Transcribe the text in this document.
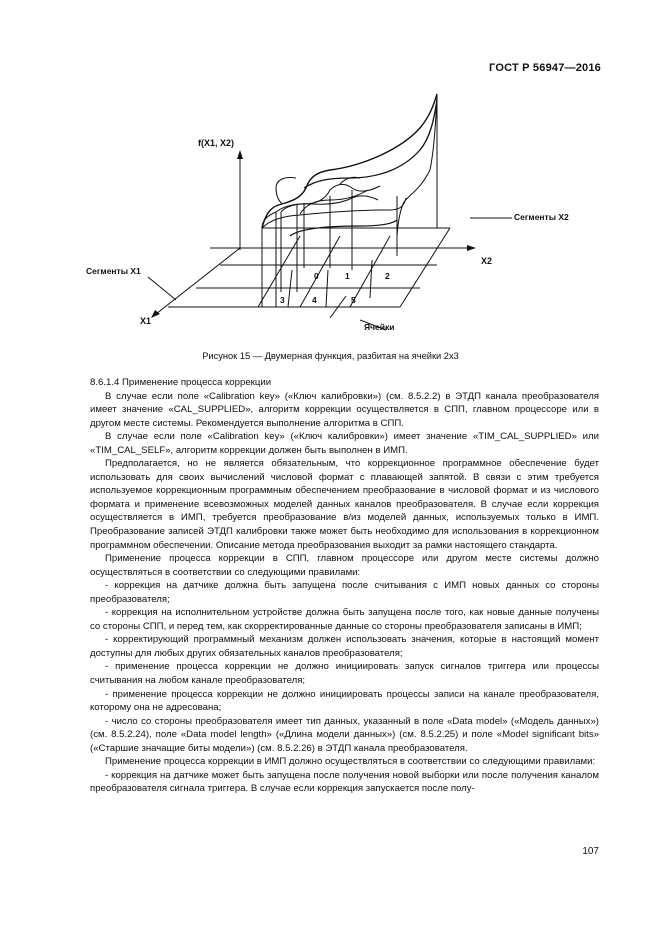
ГОСТ Р 56947—2016
f(X1, X2)
X2
X1
Сегменты X1
Сегменты X2
Ячейки
0	1	2
3	4	5
Рисунок 15 — Двумерная функция, разбитая на ячейки 2x3

8.6.1.4 Применение процесса коррекции

В случае если поле «Calibration key» («Ключ калибровки») (см. 8.5.2.2) в ЭТДП канала преобразователя имеет значение «CAL_SUPPLIED», алгоритм коррекции осуществляется в СПП, главном процессоре или в другом месте системы. Рекомендуется выполнение алгоритма в СПП.

В случае если поле «Calibration key» («Ключ калибровки») имеет значение «TIM_CAL_SUPPLIED» или «TIM_CAL_SELF», алгоритм коррекции должен быть выполнен в ИМП.

Предполагается, но не является обязательным, что коррекционное программное обеспечение будет использовать для своих вычислений числовой формат с плавающей запятой. В связи с этим требуется используемое коррекционным программным обеспечением преобразование в числовой формат и из числового формата и применение всевозможных моделей данных каналов преобразователя. В случае если коррекция осуществляется в ИМП, требуется преобразование в/из моделей данных, используемых только в ИМП. Преобразование записей ЭТДП калибровки также может быть необходимо для использования в коррекционном программном обеспечении. Описание метода преобразования выходит за рамки настоящего стандарта.

Применение процесса коррекции в СПП, главном процессоре или другом месте системы должно осуществляться в соответствии со следующими правилами:

- коррекция на датчике должна быть запущена после считывания с ИМП новых данных со стороны преобразователя;

- коррекция на исполнительном устройстве должна быть запущена после того, как новые данные получены со стороны СПП, и перед тем, как скорректированные данные со стороны преобразователя записаны в ИМП;

- корректирующий программный механизм должен использовать значения, которые в настоящий момент доступны для любых других обязательных каналов преобразователя;

- применение процесса коррекции не должно инициировать запуск сигналов триггера или процессы считывания на любом канале преобразователя;

- применение процесса коррекции не должно инициировать процессы записи на канале преобразователя, которому она не адресована;

- число со стороны преобразователя имеет тип данных, указанный в поле «Data model» («Модель данных») (см. 8.5.2.24), поле «Data model length» («Длина модели данных») (см. 8.5.2.25) и поле «Model significant bits» («Старшие значащие биты модели») (см. 8.5.2.26) в ЭТДП канала преобразователя.

Применение процесса коррекции в ИМП должно осуществляться в соответствии со следующими правилами:

- коррекция на датчике может быть запущена после получения новой выборки или после получения каналом преобразователя сигнала триггера. В случае если коррекция запускается после полу-

107
